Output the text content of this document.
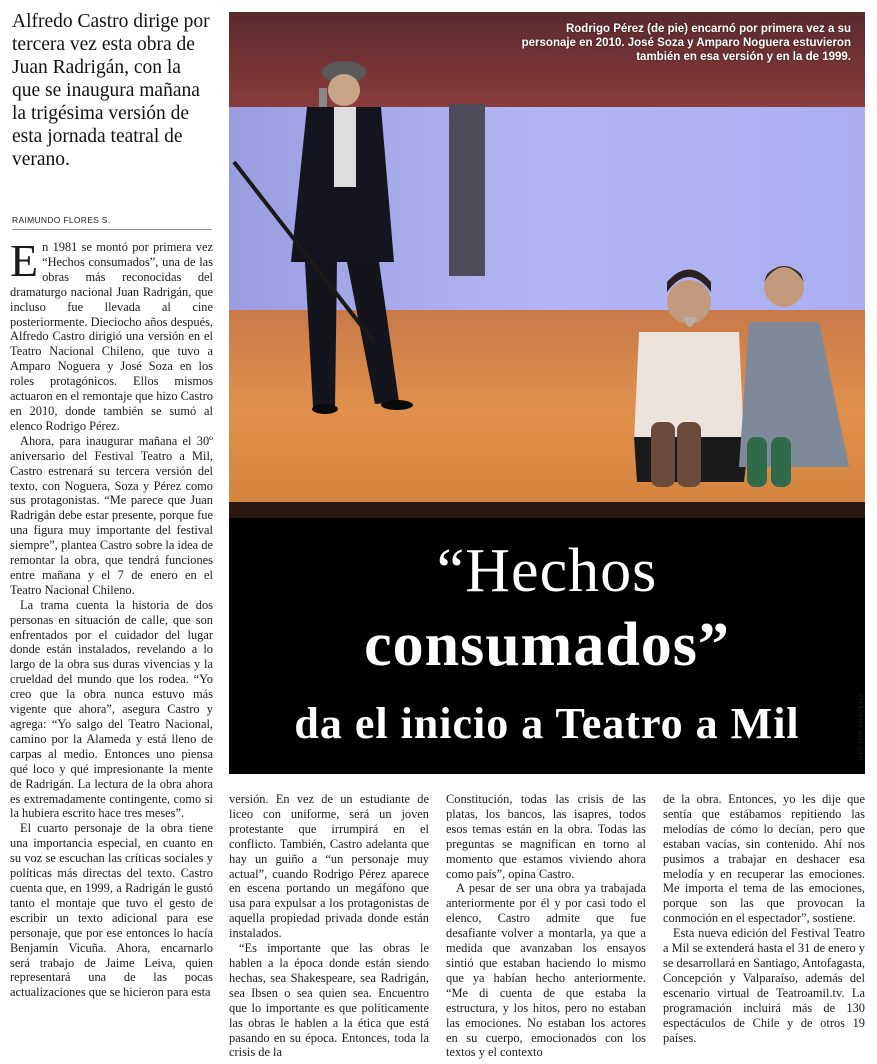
Alfredo Castro dirige por tercera vez esta obra de Juan Radrigán, con la que se inaugura mañana la trigésima versión de esta jornada teatral de verano.

RAIMUNDO FLORES S.

En 1981 se montó por primera vez “Hechos consumados”, una de las obras más reconocidas del dramaturgo nacional Juan Radrigán, que incluso fue llevada al cine posteriormente. Dieciocho años después, Alfredo Castro dirigió una versión en el Teatro Nacional Chileno, que tuvo a Amparo Noguera y José Soza en los roles protagónicos. Ellos mismos actuaron en el remontaje que hizo Castro en 2010, donde también se sumó al elenco Rodrigo Pérez.

Ahora, para inaugurar mañana el 30º aniversario del Festival Teatro a Mil, Castro estrenará su tercera versión del texto, con Noguera, Soza y Pérez como sus protagonistas. “Me parece que Juan Radrigán debe estar presente, porque fue una figura muy importante del festival siempre”, plantea Castro sobre la idea de remontar la obra, que tendrá funciones entre mañana y el 7 de enero en el Teatro Nacional Chileno.

La trama cuenta la historia de dos personas en situación de calle, que son enfrentados por el cuidador del lugar donde están instalados, revelando a lo largo de la obra sus duras vivencias y la crueldad del mundo que los rodea. “Yo creo que la obra nunca estuvo más vigente que ahora”, asegura Castro y agrega: “Yo salgo del Teatro Nacional, camino por la Alameda y está lleno de carpas al medio. Entonces uno piensa qué loco y qué impresionante la mente de Radrigán. La lectura de la obra ahora es extremadamente contingente, como si la hubiera escrito hace tres meses”.

El cuarto personaje de la obra tiene una importancia especial, en cuanto en su voz se escuchan las críticas sociales y políticas más directas del texto. Castro cuenta que, en 1999, a Radrigán le gustó tanto el montaje que tuvo el gesto de escribir un texto adicional para ese personaje, que por ese entonces lo hacía Benjamín Vicuña. Ahora, encarnarlo será trabajo de Jaime Leiva, quien representará una de las pocas actualizaciones que se hicieron para esta

Rodrigo Pérez (de pie) encarnó por primera vez a su personaje en 2010. José Soza y Amparo Noguera estuvieron también en esa versión y en la de 1999.
“Hechos
consumados”
da el inicio a Teatro a Mil	HÉCTOR ARAVENA

versión. En vez de un estudiante de liceo con uniforme, será un joven protestante que irrumpirá en el conflicto. También, Castro adelanta que hay un guiño a “un personaje muy actual”, cuando Rodrigo Pérez aparece en escena portando un megáfono que usa para expulsar a los protagonistas de aquella propiedad privada donde están instalados.

“Es importante que las obras le hablen a la época donde están siendo hechas, sea Shakespeare, sea Radrigán, sea Ibsen o sea quien sea. Encuentro que lo importante es que políticamente las obras le hablen a la ética que está pasando en su época. Entonces, toda la crisis de la

Constitución, todas las crisis de las platas, los bancos, las isapres, todos esos temas están en la obra. Todas las preguntas se magnifican en torno al momento que estamos viviendo ahora como país”, opina Castro.

A pesar de ser una obra ya trabajada anteriormente por él y por casi todo el elenco, Castro admite que fue desafiante volver a montarla, ya que a medida que avanzaban los ensayos sintió que estaban haciendo lo mismo que ya habían hecho anteriormente. “Me di cuenta de que estaba la estructura, y los hitos, pero no estaban las emociones. No estaban los actores en su cuerpo, emocionados con los textos y el contexto

de la obra. Entonces, yo les dije que sentía que estábamos repitiendo las melodías de cómo lo decían, pero que estaban vacías, sin contenido. Ahí nos pusimos a trabajar en deshacer esa melodía y en recuperar las emociones. Me importa el tema de las emociones, porque son las que provocan la conmoción en el espectador”, sostiene.

Esta nueva edición del Festival Teatro a Mil se extenderá hasta el 31 de enero y se desarrollará en Santiago, Antofagasta, Concepción y Valparaíso, además del escenario virtual de Teatroamil.tv. La programación incluirá más de 130 espectáculos de Chile y de otros 19 países.
